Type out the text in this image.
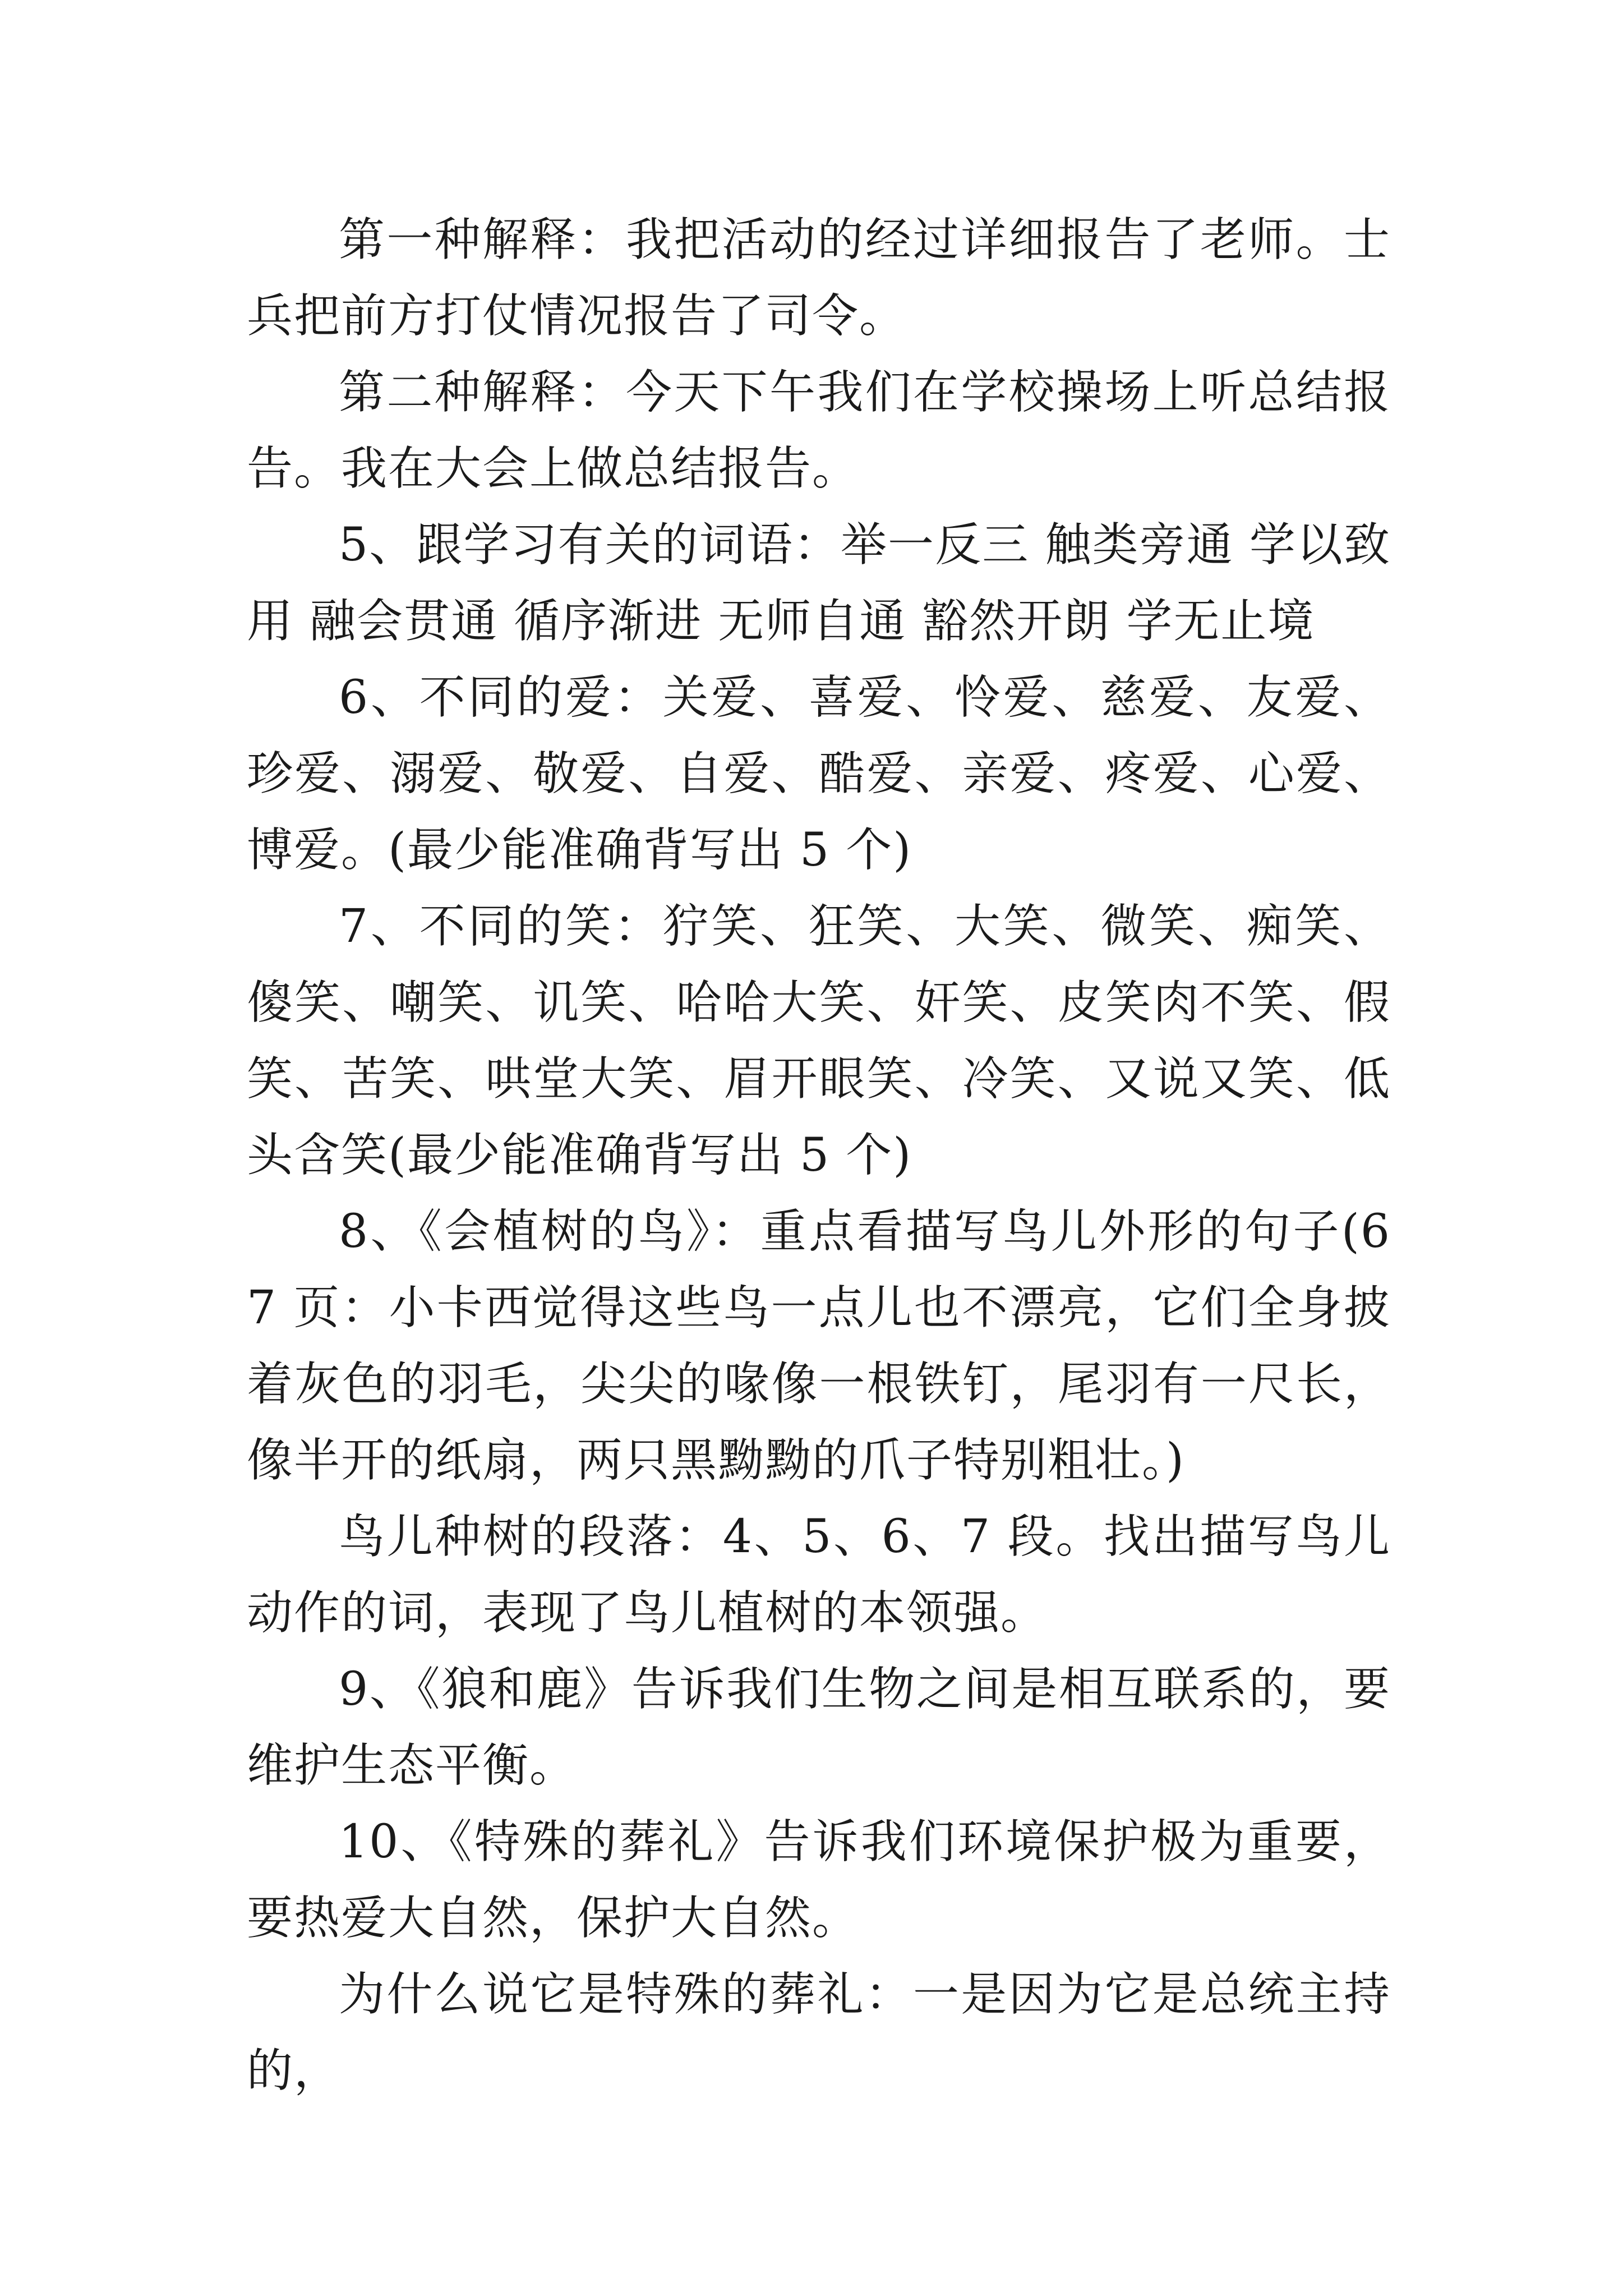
第一种解释：我把活动的经过详细报告了老师。士兵把前方打仗情况报告了司令。

第二种解释：今天下午我们在学校操场上听总结报告。我在大会上做总结报告。

5、跟学习有关的词语：举一反三 触类旁通 学以致用 融会贯通 循序渐进 无师自通 豁然开朗 学无止境

6、不同的爱：关爱、喜爱、怜爱、慈爱、友爱、珍爱、溺爱、敬爱、自爱、酷爱、亲爱、疼爱、心爱、博爱。(最少能准确背写出 5 个)

7、不同的笑：狞笑、狂笑、大笑、微笑、痴笑、傻笑、嘲笑、讥笑、哈哈大笑、奸笑、皮笑肉不笑、假笑、苦笑、哄堂大笑、眉开眼笑、冷笑、又说又笑、低头含笑(最少能准确背写出 5 个)

8、《会植树的鸟》：重点看描写鸟儿外形的句子(67 页：小卡西觉得这些鸟一点儿也不漂亮，它们全身披着灰色的羽毛，尖尖的喙像一根铁钉，尾羽有一尺长，像半开的纸扇，两只黑黝黝的爪子特别粗壮。)

鸟儿种树的段落：4、5、6、7 段。找出描写鸟儿动作的词，表现了鸟儿植树的本领强。

9、《狼和鹿》告诉我们生物之间是相互联系的，要维护生态平衡。

10、《特殊的葬礼》告诉我们环境保护极为重要，要热爱大自然，保护大自然。

为什么说它是特殊的葬礼：一是因为它是总统主持的，
